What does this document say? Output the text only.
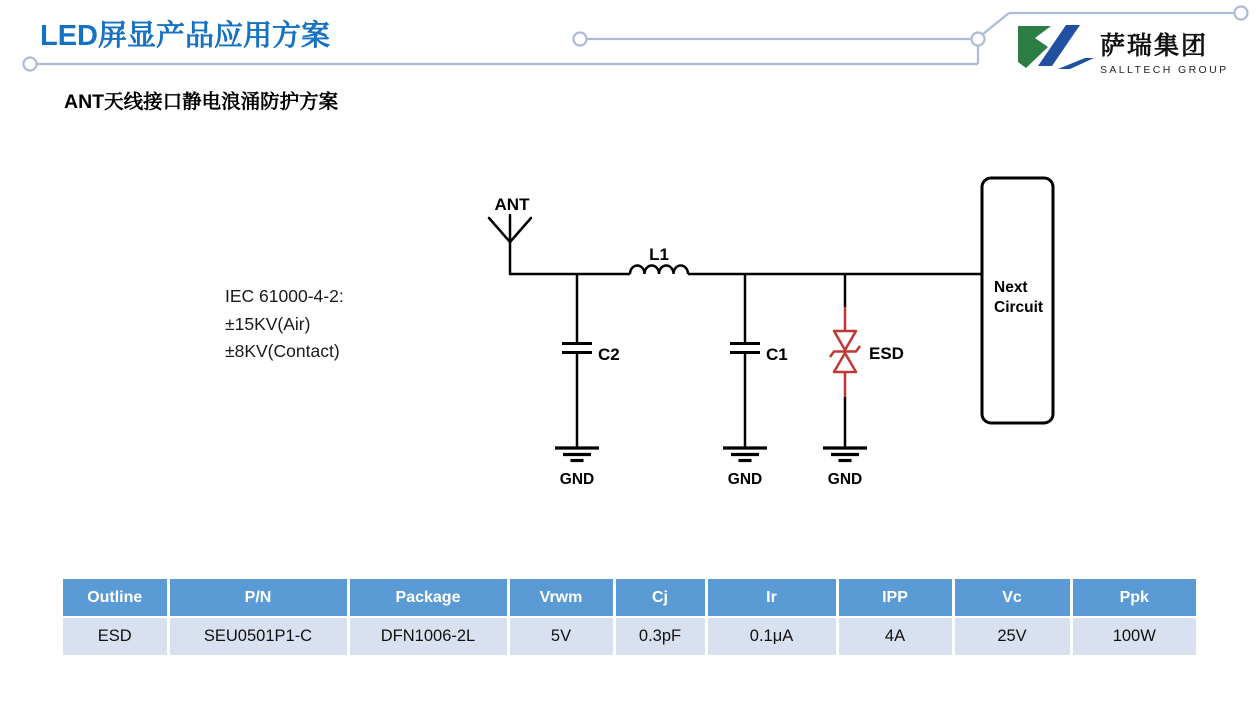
LED屏显产品应用方案	萨瑞集团
SALLTECH GROUP
ANT天线接口静电浪涌防护方案
IEC 61000-4-2:
±15KV(Air)
±8KV(Contact)
ANT
L1
C2
GND
C1
GND
ESD
GND
Next
Circuit
Outline	P/N	Package	Vrwm	Cj	Ir	IPP	Vc	Ppk
ESD	SEU0501P1-C	DFN1006-2L	5V	0.3pF	0.1μA	4A	25V	100W
